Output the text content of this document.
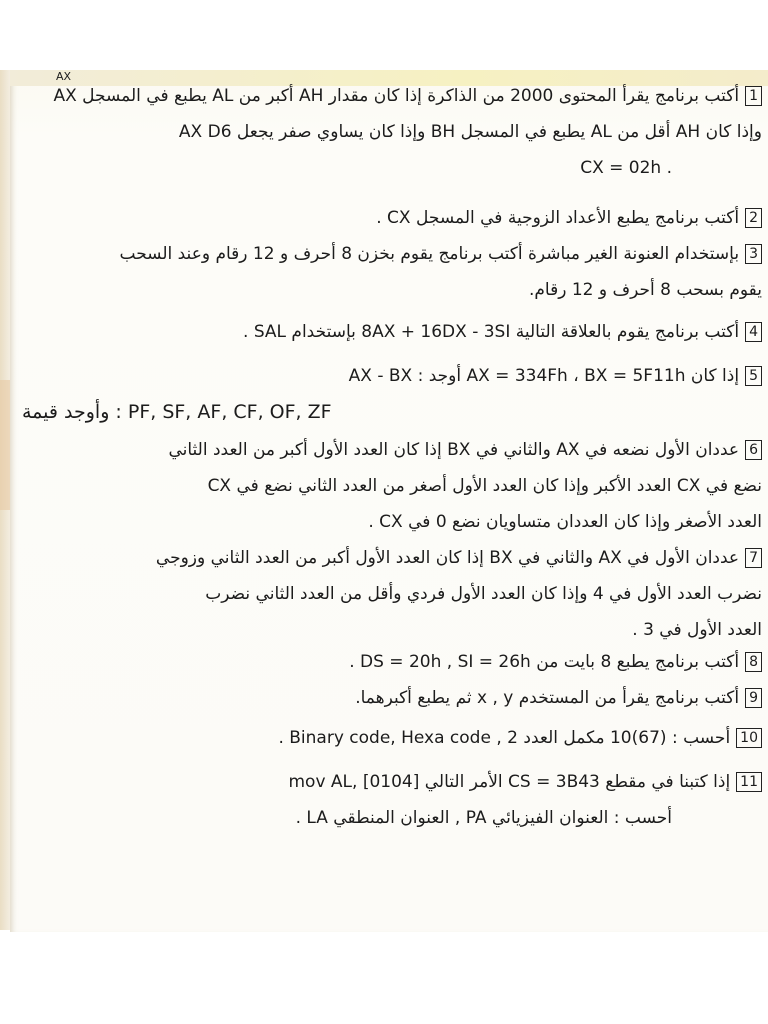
1أكتب برنامج يقرأ المحتوى 2000 من الذاكرة إذا كان مقدار AH أكبر من AL يطبع في المسجل AX
وإذا كان AH أقل من AL يطبع في المسجل BH وإذا كان يساوي صفر يجعل AX D6
. CX = 02h
2أكتب برنامج يطبع الأعداد الزوجية في المسجل CX .
3بإستخدام العنونة الغير مباشرة أكتب برنامج يقوم بخزن 8 أحرف و 12 رقام وعند السحب
يقوم بسحب 8 أحرف و 12 رقام.
4أكتب برنامج يقوم بالعلاقة التالية 8AX + 16DX - 3SI بإستخدام SAL .
5إذا كان AX = 334Fh ، BX = 5F11h أوجد : AX - BX
وأوجد قيمة : PF, SF, AF, CF, OF, ZF
6عددان الأول نضعه في AX والثاني في BX إذا كان العدد الأول أكبر من العدد الثاني
نضع في CX العدد الأكبر وإذا كان العدد الأول أصغر من العدد الثاني نضع في CX
العدد الأصغر وإذا كان العددان متساويان نضع 0 في CX .
7عددان الأول في AX والثاني في BX إذا كان العدد الأول أكبر من العدد الثاني وزوجي
نضرب العدد الأول في 4 وإذا كان العدد الأول فردي وأقل من العدد الثاني نضرب
العدد الأول في 3 .
8أكتب برنامج يطبع 8 بايت من DS = 20h , SI = 26h .
9أكتب برنامج يقرأ من المستخدم x , y ثم يطبع أكبرهما.
10أحسب : (67)10 مكمل العدد 2 , Binary code, Hexa code .
11إذا كتبنا في مقطع CS = 3B43 الأمر التالي mov AL, [0104]
أحسب : العنوان الفيزيائي PA , العنوان المنطقي LA .
AX
